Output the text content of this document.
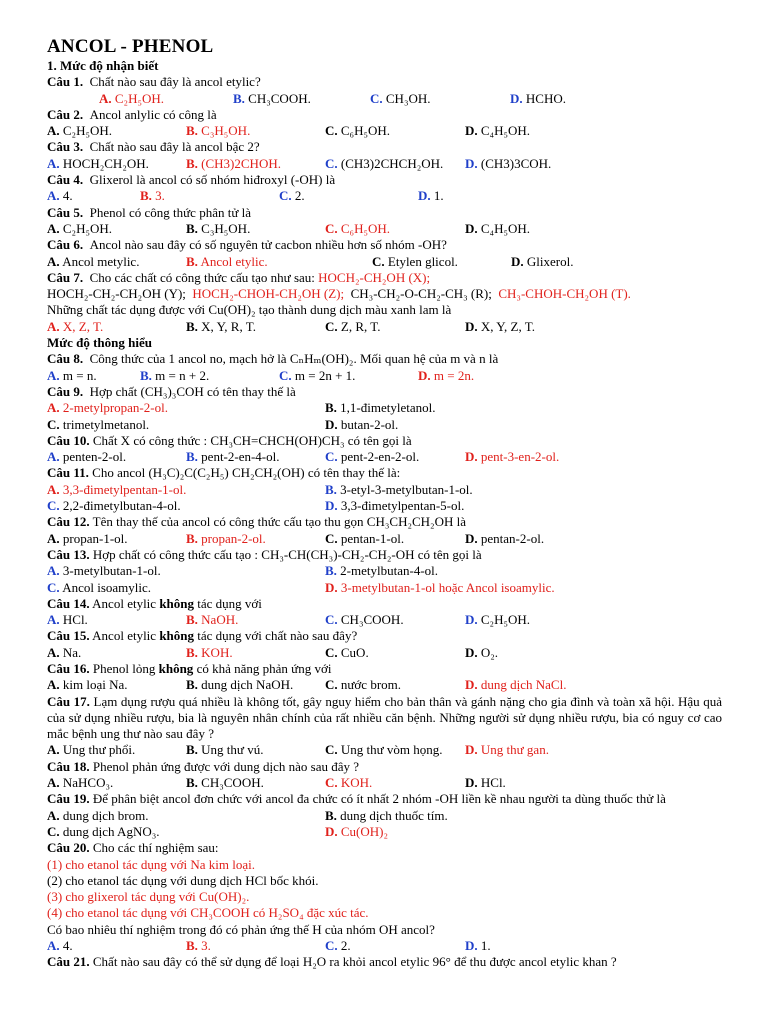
ANCOL - PHENOL
1. Mức độ nhận biết
Câu 1. Chất nào sau đây là ancol etylic?
A. C₂H₅OH.	B. CH₃COOH.	C. CH₃OH.	D. HCHO.
Câu 2. Ancol anlylic có công là
A. C₂H₅OH.	B. C₃H₅OH.	C. C₆H₅OH.	D. C₄H₅OH.
Câu 3. Chất nào sau đây là ancol bậc 2?
A. HOCH₂CH₂OH.	B. (CH3)2CHOH.	C. (CH3)2CHCH₂OH. D. (CH3)3COH.
Câu 4. Glixerol là ancol có số nhóm hiđroxyl (-OH) là
A. 4.	B. 3.	C. 2.	D. 1.
Câu 5. Phenol có công thức phân tử là
A. C₂H₅OH.	B. C₃H₅OH.	C. C₆H₅OH.	D. C₄H₅OH.
Câu 6. Ancol nào sau đây có số nguyên tử cacbon nhiều hơn số nhóm -OH?
A. Ancol metylic.	B. Ancol etylic.	C. Etylen glicol.	D. Glixerol.
Câu 7. Cho các chất có công thức cấu tạo như sau: HOCH₂-CH₂OH (X);
HOCH₂-CH₂-CH₂OH (Y); HOCH₂-CHOH-CH₂OH (Z); CH₃-CH₂-O-CH₂-CH₃ (R); CH₃-CHOH-CH₂OH (T).
Những chất tác dụng được với Cu(OH)₂ tạo thành dung dịch màu xanh lam là
A. X, Z, T.	B. X, Y, R, T.	C. Z, R, T.	D. X, Y, Z, T.
Mức độ thông hiểu
Câu 8. Công thức của 1 ancol no, mạch hở là CₙHₘ(OH)₂. Mối quan hệ của m và n là
A. m = n.	B. m = n + 2.	C. m = 2n + 1.	D. m = 2n.
Câu 9. Hợp chất (CH₃)₃COH có tên thay thế là
A. 2-metylpropan-2-ol.	B. 1,1-đimetyletanol.
C. trimetylmetanol.	D. butan-2-ol.
Câu 10. Chất X có công thức : CH₃CH=CHCH(OH)CH₃ có tên gọi là
A. penten-2-ol.	B. pent-2-en-4-ol.	C. pent-2-en-2-ol.	D. pent-3-en-2-ol.
Câu 11. Cho ancol (H₃C)₂C(C₂H₅) CH₂CH₂(OH) có tên thay thế là:
A. 3,3-đimetylpentan-1-ol.	B. 3-etyl-3-metylbutan-1-ol.
C. 2,2-đimetylbutan-4-ol.	D. 3,3-đimetylpentan-5-ol.
Câu 12. Tên thay thế của ancol có công thức cấu tạo thu gọn CH₃CH₂CH₂OH là
A. propan-1-ol.	B. propan-2-ol.	C. pentan-1-ol.	D. pentan-2-ol.
Câu 13. Hợp chất có công thức cấu tạo : CH₃-CH(CH₃)-CH₂-CH₂-OH có tên gọi là
A. 3-metylbutan-1-ol.	B. 2-metylbutan-4-ol.
C. Ancol isoamylic.	D. 3-metylbutan-1-ol hoặc Ancol isoamylic.
Câu 14. Ancol etylic không tác dụng với
A. HCl.	B. NaOH.	C. CH₃COOH.	D. C₂H₅OH.
Câu 15. Ancol etylic không tác dụng với chất nào sau đây?
A. Na.	B. KOH.	C. CuO.	D. O₂.
Câu 16. Phenol lỏng không có khả năng phản ứng với
A. kim loại Na.	B. dung dịch NaOH. C. nước brom.	D. dung dịch NaCl.
Câu 17. Lạm dụng rượu quá nhiều là không tốt, gây nguy hiểm cho bản thân và gánh nặng cho gia đình và toàn xã hội. Hậu quả của sử dụng nhiều rượu, bia là nguyên nhân chính của rất nhiều căn bệnh. Những người sử dụng nhiều rượu, bia có nguy cơ cao mắc bệnh ung thư nào sau đây ?
A. Ung thư phổi.	B. Ung thư vú.	C. Ung thư vòm họng. D. Ung thư gan.
Câu 18. Phenol phản ứng được với dung dịch nào sau đây ?
A. NaHCO₃.	B. CH₃COOH.	C. KOH.	D. HCl.
Câu 19. Để phân biệt ancol đơn chức với ancol đa chức có ít nhất 2 nhóm -OH liền kề nhau người ta dùng thuốc thử là
A. dung dịch brom.	B. dung dịch thuốc tím.
C. dung dịch AgNO₃.	D. Cu(OH)₂
Câu 20. Cho các thí nghiệm sau:
(1) cho etanol tác dụng với Na kim loại.
(2) cho etanol tác dụng với dung dịch HCl bốc khói.
(3) cho glixerol tác dụng với Cu(OH)₂.
(4) cho etanol tác dụng với CH₃COOH có H₂SO₄ đặc xúc tác.
Có bao nhiêu thí nghiệm trong đó có phản ứng thế H của nhóm OH ancol?
A. 4.	B. 3.	C. 2.	D. 1.
Câu 21. Chất nào sau đây có thể sử dụng để loại H₂O ra khỏi ancol etylic 96° để thu được ancol etylic khan ?
